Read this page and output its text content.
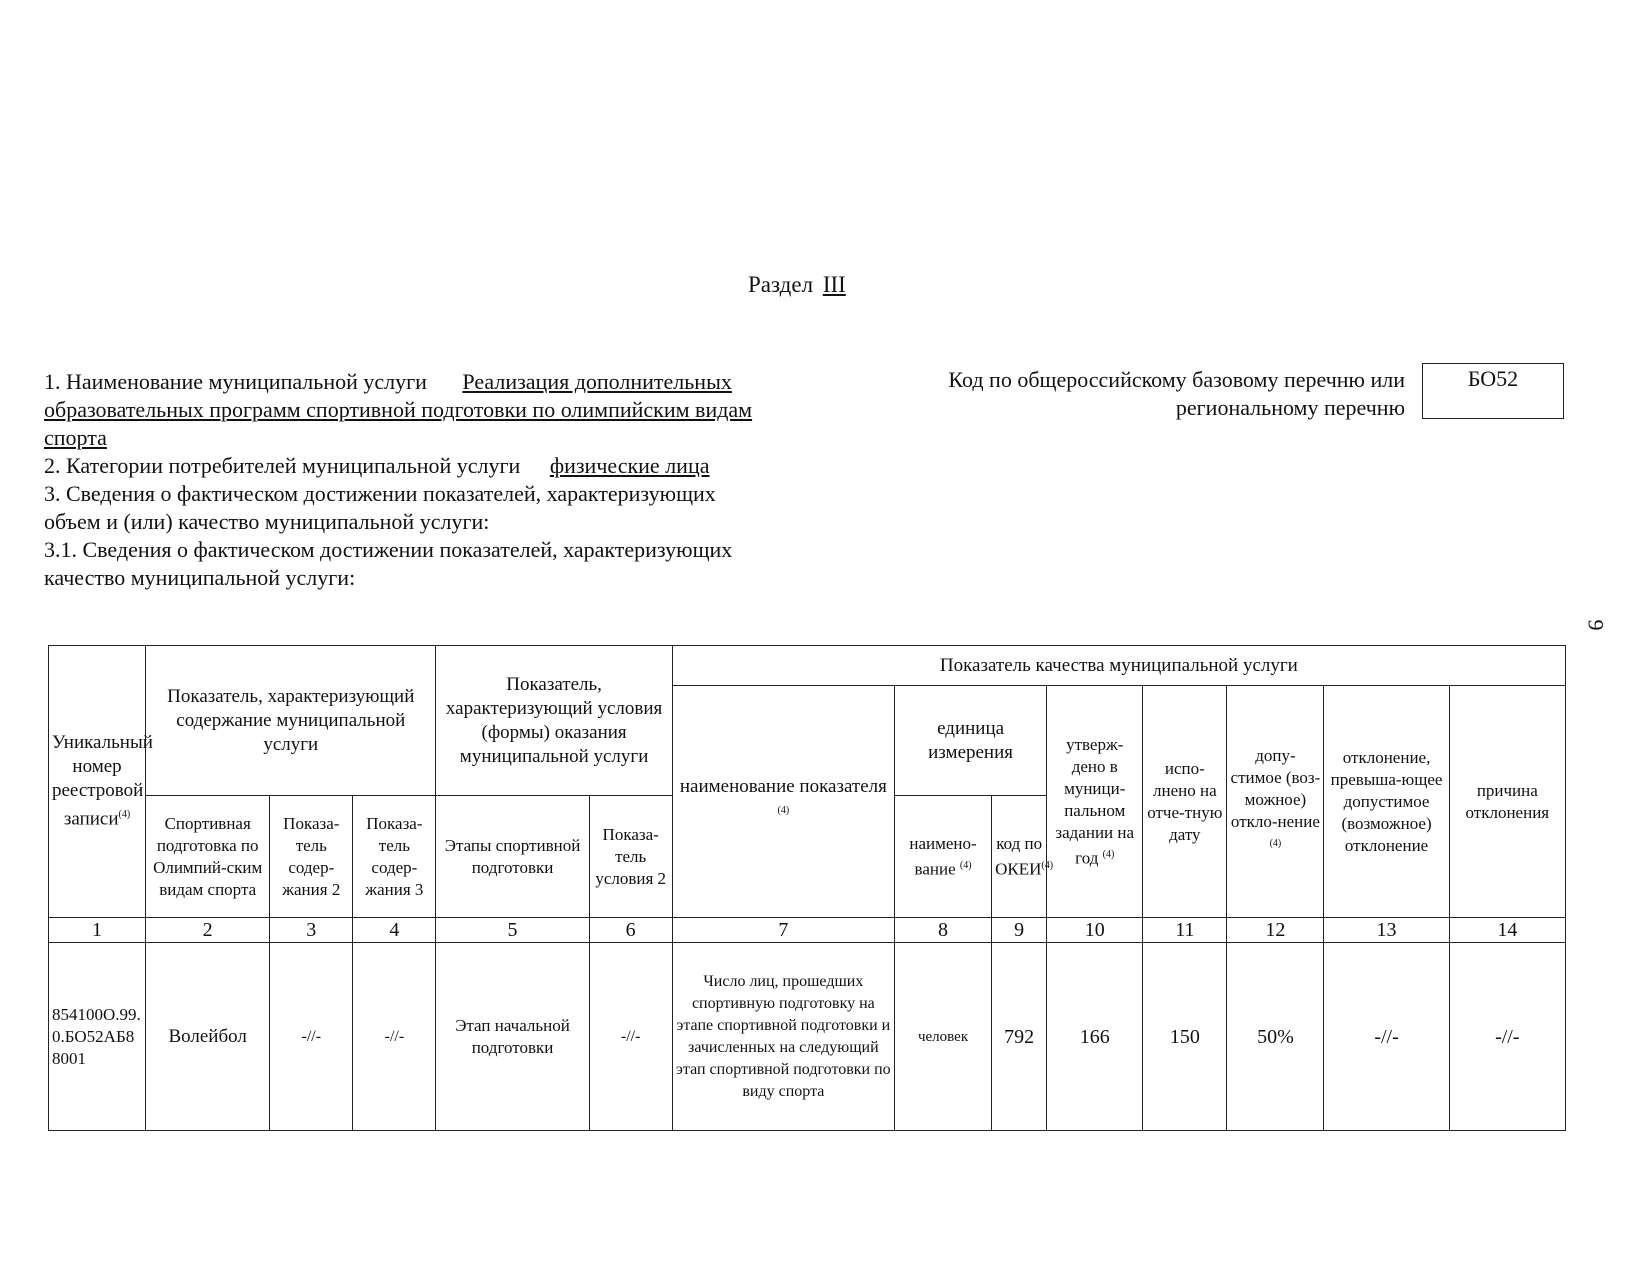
Раздел III
1. Наименование муниципальной услуги Реализация дополнительных
образовательных программ спортивной подготовки по олимпийским видам
спорта
2. Категории потребителей муниципальной услуги физические лица
3. Сведения о фактическом достижении показателей, характеризующих
объем и (или) качество муниципальной услуги:
3.1. Сведения о фактическом достижении показателей, характеризующих
качество муниципальной услуги:
Код по общероссийскому базовому перечню или
региональному перечню
БО52
9
Уникальный номер реестровой записи$^{(4)}$	Показатель, характеризующий содержание муниципальной услуги			Показатель, характеризующий условия (формы) оказания муниципальной услуги		Показатель качества муниципальной услуги							
						наименование показателя $^{(4)}$	единица измерения		утверж-дено в муници-пальном задании на год $^{(4)}$	испо-лнено на отче-тную дату	допу-стимое (воз-можное) откло-нение $^{(4)}$	отклонение, превыша-ющее допустимое (возможное) отклонение	причина отклонения
	Спортивная подготовка по Олимпий-ским видам спорта	Показа-тель содер-жания 2	Показа-тель содер-жания 3	Этапы спортивной подготовки	Показа-тель условия 2		наимено-вание $^{(4)}$	код по ОКЕИ$^{(4)}$
1	2	3	4	5	6	7	8	9	10	11	12	13	14
854100О.99.0.БО52АБ88001	Волейбол	-//-	-//-	Этап начальной подготовки	-//-	Число лиц, прошедших спортивную подготовку на этапе спортивной подготовки и зачисленных на следующий этап спортивной подготовки по виду спорта	человек	792	166	150	50%	-//-	-//-
